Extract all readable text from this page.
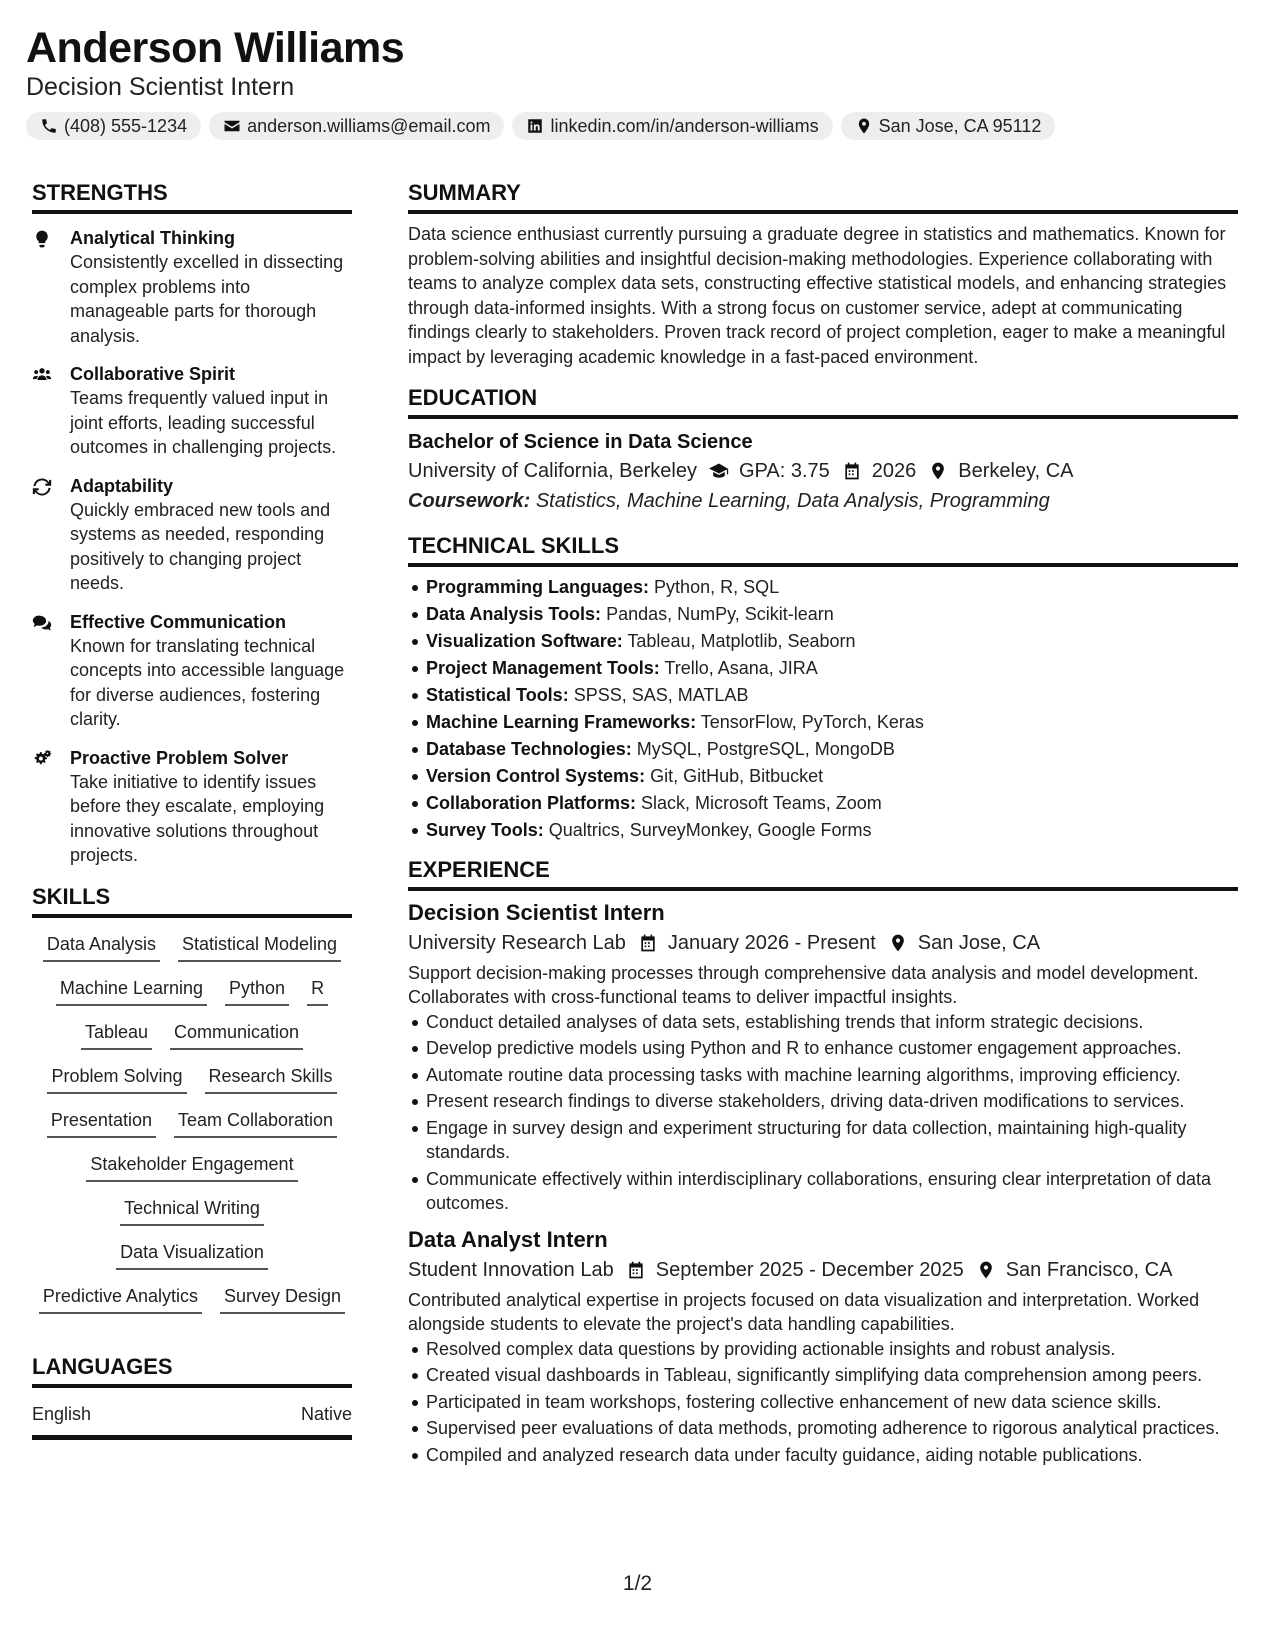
Anderson Williams
Decision Scientist Intern
(408) 555-1234	anderson.williams@email.com	linkedin.com/in/anderson-williams	San Jose, CA 95112
STRENGTHS
Analytical Thinking
Consistently excelled in dissecting complex problems into manageable parts for thorough analysis.
Collaborative Spirit
Teams frequently valued input in joint efforts, leading successful outcomes in challenging projects.
Adaptability
Quickly embraced new tools and systems as needed, responding positively to changing project needs.
Effective Communication
Known for translating technical concepts into accessible language for diverse audiences, fostering clarity.
Proactive Problem Solver
Take initiative to identify issues before they escalate, employing innovative solutions throughout projects.
SKILLS
Data Analysis Statistical Modeling
Machine Learning Python R
Tableau Communication
Problem Solving Research Skills
Presentation Team Collaboration
Stakeholder Engagement
Technical Writing
Data Visualization
Predictive Analytics Survey Design
LANGUAGES
English	Native
SUMMARY
Data science enthusiast currently pursuing a graduate degree in statistics and mathematics. Known for problem-solving abilities and insightful decision-making methodologies. Experience collaborating with teams to analyze complex data sets, constructing effective statistical models, and enhancing strategies through data-informed insights. With a strong focus on customer service, adept at communicating findings clearly to stakeholders. Proven track record of project completion, eager to make a meaningful impact by leveraging academic knowledge in a fast-paced environment.
EDUCATION
Bachelor of Science in Data Science
University of California, Berkeley GPA: 3.75 2026 Berkeley, CA
Coursework: Statistics, Machine Learning, Data Analysis, Programming
TECHNICAL SKILLS
Programming Languages: Python, R, SQL
Data Analysis Tools: Pandas, NumPy, Scikit-learn
Visualization Software: Tableau, Matplotlib, Seaborn
Project Management Tools: Trello, Asana, JIRA
Statistical Tools: SPSS, SAS, MATLAB
Machine Learning Frameworks: TensorFlow, PyTorch, Keras
Database Technologies: MySQL, PostgreSQL, MongoDB
Version Control Systems: Git, GitHub, Bitbucket
Collaboration Platforms: Slack, Microsoft Teams, Zoom
Survey Tools: Qualtrics, SurveyMonkey, Google Forms
EXPERIENCE
Decision Scientist Intern
University Research Lab January 2026 - Present San Jose, CA
Support decision-making processes through comprehensive data analysis and model development. Collaborates with cross-functional teams to deliver impactful insights.
Conduct detailed analyses of data sets, establishing trends that inform strategic decisions.
Develop predictive models using Python and R to enhance customer engagement approaches.
Automate routine data processing tasks with machine learning algorithms, improving efficiency.
Present research findings to diverse stakeholders, driving data-driven modifications to services.
Engage in survey design and experiment structuring for data collection, maintaining high-quality standards.
Communicate effectively within interdisciplinary collaborations, ensuring clear interpretation of data outcomes.
Data Analyst Intern
Student Innovation Lab September 2025 - December 2025 San Francisco, CA
Contributed analytical expertise in projects focused on data visualization and interpretation. Worked alongside students to elevate the project's data handling capabilities.
Resolved complex data questions by providing actionable insights and robust analysis.
Created visual dashboards in Tableau, significantly simplifying data comprehension among peers.
Participated in team workshops, fostering collective enhancement of new data science skills.
Supervised peer evaluations of data methods, promoting adherence to rigorous analytical practices.
Compiled and analyzed research data under faculty guidance, aiding notable publications.
1/2
